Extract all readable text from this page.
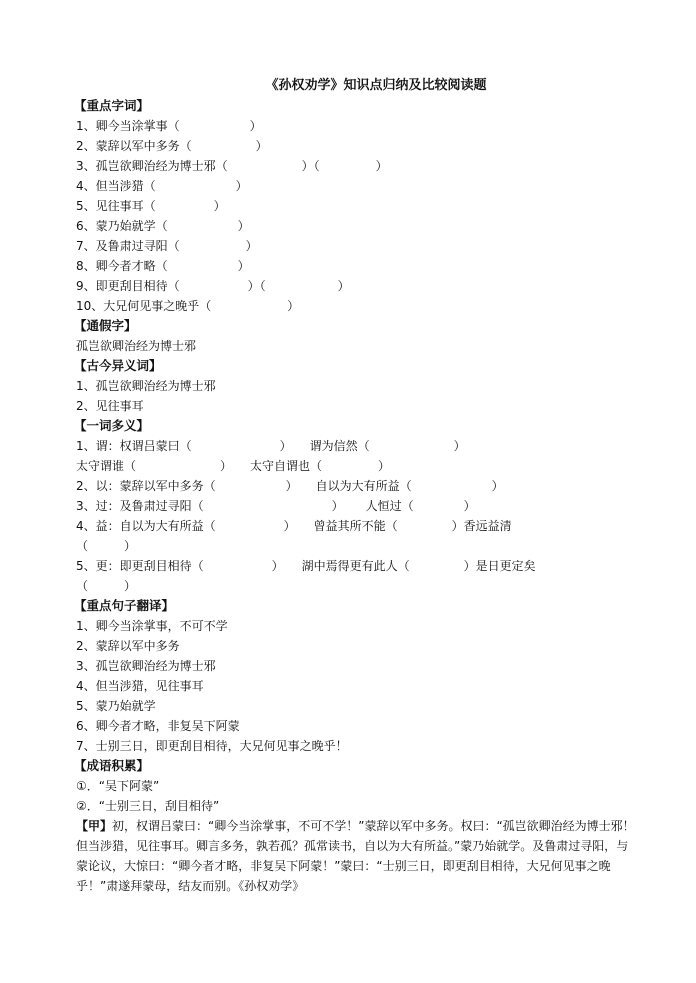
《孙权劝学》知识点归纳及比较阅读题
【重点字词】
1、卿今当涂掌事（	）
2、蒙辞以军中多务（	）
3、孤岂欲卿治经为博士邪（	）（	）
4、但当涉猎（	）
5、见往事耳（	）
6、蒙乃始就学（	）
7、及鲁肃过寻阳（	）
8、卿今者才略（	）
9、即更刮目相待（	）（	）
10、大兄何见事之晚乎（	）
【通假字】
孤岂欲卿治经为博士邪
【古今异义词】
1、孤岂欲卿治经为博士邪
2、见往事耳
【一词多义】
1、谓：权谓吕蒙曰（	） 谓为信然（	）
太守谓谁（	） 太守自谓也（	）
2、以：蒙辞以军中多务（	） 自以为大有所益（	）
3、过：及鲁肃过寻阳（	） 人恒过（	）
4、益：自以为大有所益（	） 曾益其所不能（	）香远益清
（　　　）
5、更：即更刮目相待（	） 湖中焉得更有此人（	）是日更定矣
（　　　）
【重点句子翻译】
1、卿今当涂掌事，不可不学
2、蒙辞以军中多务
3、孤岂欲卿治经为博士邪
4、但当涉猎，见往事耳
5、蒙乃始就学
6、卿今者才略，非复吴下阿蒙
7、士别三日，即更刮目相待，大兄何见事之晚乎！
【成语积累】
①．“吴下阿蒙”
②．“士别三日，刮目相待”
【甲】初，权谓吕蒙曰：“卿今当涂掌事，不可不学！”蒙辞以军中多务。权曰：“孤岂欲卿治经为博士邪！但当涉猎，见往事耳。卿言多务，孰若孤？孤常读书，自以为大有所益。”蒙乃始就学。及鲁肃过寻阳，与蒙论议，大惊曰：“卿今者才略，非复吴下阿蒙！”蒙曰：“士别三日，即更刮目相待，大兄何见事之晚乎！”肃遂拜蒙母，结友而别。《孙权劝学》
